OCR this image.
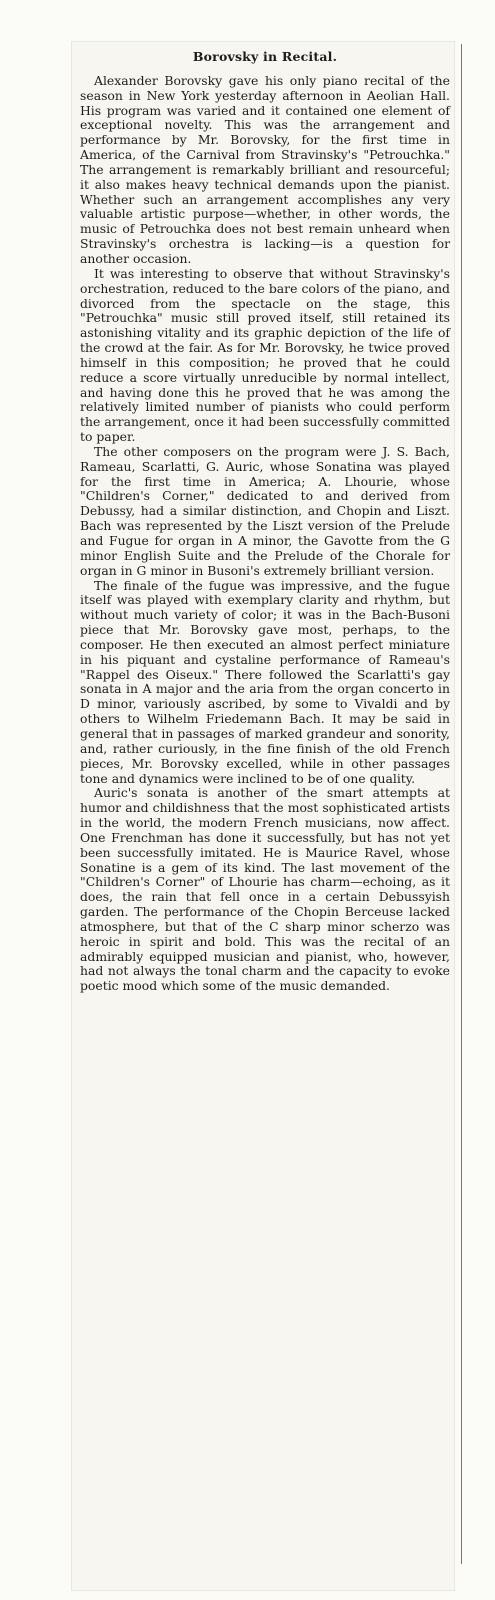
Borovsky in Recital.

Alexander Borovsky gave his only piano recital of the season in New York yesterday afternoon in Aeolian Hall. His program was varied and it contained one element of exceptional novelty. This was the arrangement and performance by Mr. Borovsky, for the first time in America, of the Carnival from Stravinsky's "Petrouchka." The arrangement is remarkably brilliant and resourceful; it also makes heavy technical demands upon the pianist. Whether such an arrangement accomplishes any very valuable artistic purpose—whether, in other words, the music of Petrouchka does not best remain unheard when Stravinsky's orchestra is lacking—is a question for another occasion.

It was interesting to observe that without Stravinsky's orchestration, reduced to the bare colors of the piano, and divorced from the spectacle on the stage, this "Petrouchka" music still proved itself, still retained its astonishing vitality and its graphic depiction of the life of the crowd at the fair. As for Mr. Borovsky, he twice proved himself in this composition; he proved that he could reduce a score virtually unreducible by normal intellect, and having done this he proved that he was among the relatively limited number of pianists who could perform the arrangement, once it had been successfully committed to paper.

The other composers on the program were J. S. Bach, Rameau, Scarlatti, G. Auric, whose Sonatina was played for the first time in America; A. Lhourie, whose "Children's Corner," dedicated to and derived from Debussy, had a similar distinction, and Chopin and Liszt. Bach was represented by the Liszt version of the Prelude and Fugue for organ in A minor, the Gavotte from the G minor English Suite and the Prelude of the Chorale for organ in G minor in Busoni's extremely brilliant version.

The finale of the fugue was impressive, and the fugue itself was played with exemplary clarity and rhythm, but without much variety of color; it was in the Bach-Busoni piece that Mr. Borovsky gave most, perhaps, to the composer. He then executed an almost perfect miniature in his piquant and cystaline performance of Rameau's "Rappel des Oiseux." There followed the Scarlatti's gay sonata in A major and the aria from the organ concerto in D minor, variously ascribed, by some to Vivaldi and by others to Wilhelm Friedemann Bach. It may be said in general that in passages of marked grandeur and sonority, and, rather curiously, in the fine finish of the old French pieces, Mr. Borovsky excelled, while in other passages tone and dynamics were inclined to be of one quality.

Auric's sonata is another of the smart attempts at humor and childishness that the most sophisticated artists in the world, the modern French musicians, now affect. One Frenchman has done it successfully, but has not yet been successfully imitated. He is Maurice Ravel, whose Sonatine is a gem of its kind. The last movement of the "Children's Corner" of Lhourie has charm—echoing, as it does, the rain that fell once in a certain Debussyish garden. The performance of the Chopin Berceuse lacked atmosphere, but that of the C sharp minor scherzo was heroic in spirit and bold. This was the recital of an admirably equipped musician and pianist, who, however, had not always the tonal charm and the capacity to evoke poetic mood which some of the music demanded.
